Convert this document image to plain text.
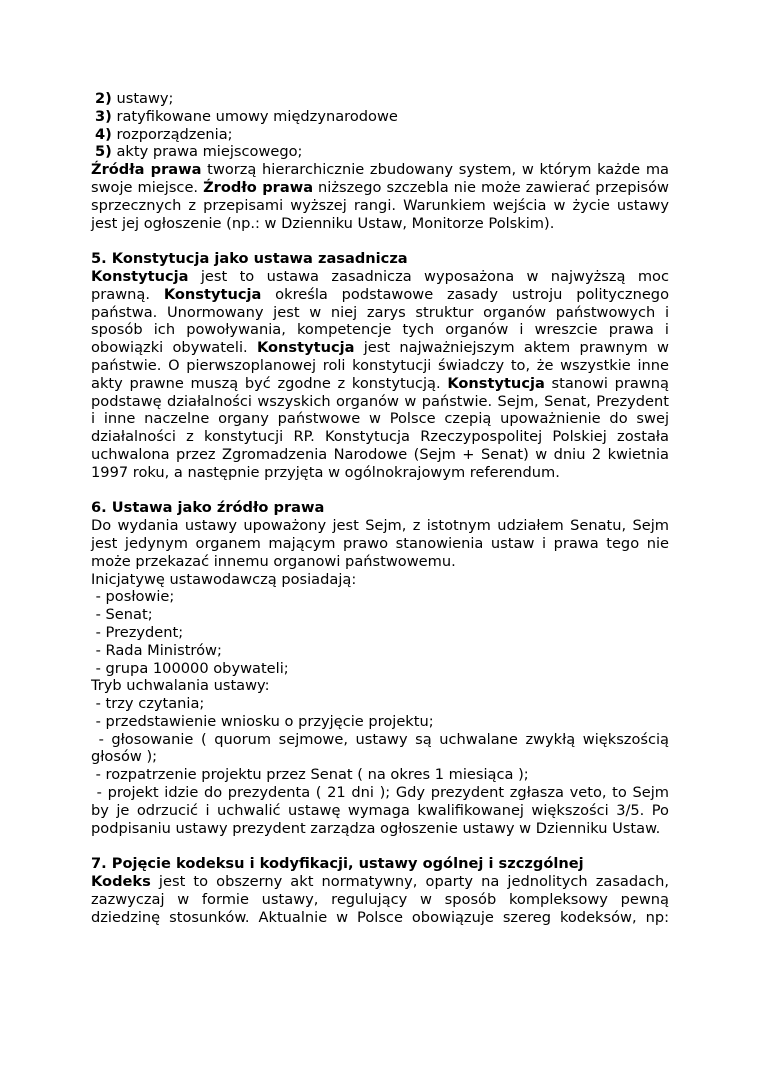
2) ustawy;
3) ratyfikowane umowy międzynarodowe
4) rozporządzenia;
5) akty prawa miejscowego;

Źródła prawa tworzą hierarchicznie zbudowany system, w którym każde ma swoje miejsce. Źrodło prawa niższego szczebla nie może zawierać przepisów sprzecznych z przepisami wyższej rangi. Warunkiem wejścia w życie ustawy jest jej ogłoszenie (np.: w Dzienniku Ustaw, Monitorze Polskim).

5. Konstytucja jako ustawa zasadnicza

Konstytucja jest to ustawa zasadnicza wyposażona w najwyższą moc prawną. Konstytucja określa podstawowe zasady ustroju politycznego państwa. Unormowany jest w niej zarys struktur organów państwowych i sposób ich powoływania, kompetencje tych organów i wreszcie prawa i obowiązki obywateli. Konstytucja jest najważniejszym aktem prawnym w państwie. O pierwszoplanowej roli konstytucji świadczy to, że wszystkie inne akty prawne muszą być zgodne z konstytucją. Konstytucja stanowi prawną podstawę działalności wszyskich organów w państwie. Sejm, Senat, Prezydent i inne naczelne organy państwowe w Polsce czepią upoważnienie do swej działalności z konstytucji RP. Konstytucja Rzeczypospolitej Polskiej została uchwalona przez Zgromadzenia Narodowe (Sejm + Senat) w dniu 2 kwietnia 1997 roku, a następnie przyjęta w ogólnokrajowym referendum.

6. Ustawa jako źródło prawa

Do wydania ustawy upoważony jest Sejm, z istotnym udziałem Senatu, Sejm jest jedynym organem mającym prawo stanowienia ustaw i prawa tego nie może przekazać innemu organowi państwowemu.

Inicjatywę ustawodawczą posiadają:
- posłowie;
- Senat;
- Prezydent;
- Rada Ministrów;
- grupa 100000 obywateli;
Tryb uchwalania ustawy:
- trzy czytania;
- przedstawienie wniosku o przyjęcie projektu;
- głosowanie ( quorum sejmowe, ustawy są uchwalane zwykłą większością głosów );
- rozpatrzenie projektu przez Senat ( na okres 1 miesiąca );
- projekt idzie do prezydenta ( 21 dni ); Gdy prezydent zgłasza veto, to Sejm by je odrzucić i uchwalić ustawę wymaga kwalifikowanej większości 3/5. Po podpisaniu ustawy prezydent zarządza ogłoszenie ustawy w Dzienniku Ustaw.
7. Pojęcie kodeksu i kodyfikacji, ustawy ogólnej i szczgólnej

Kodeks jest to obszerny akt normatywny, oparty na jednolitych zasadach, zazwyczaj w formie ustawy, regulujący w sposób kompleksowy pewną dziedzinę stosunków. Aktualnie w Polsce obowiązuje szereg kodeksów, np:
